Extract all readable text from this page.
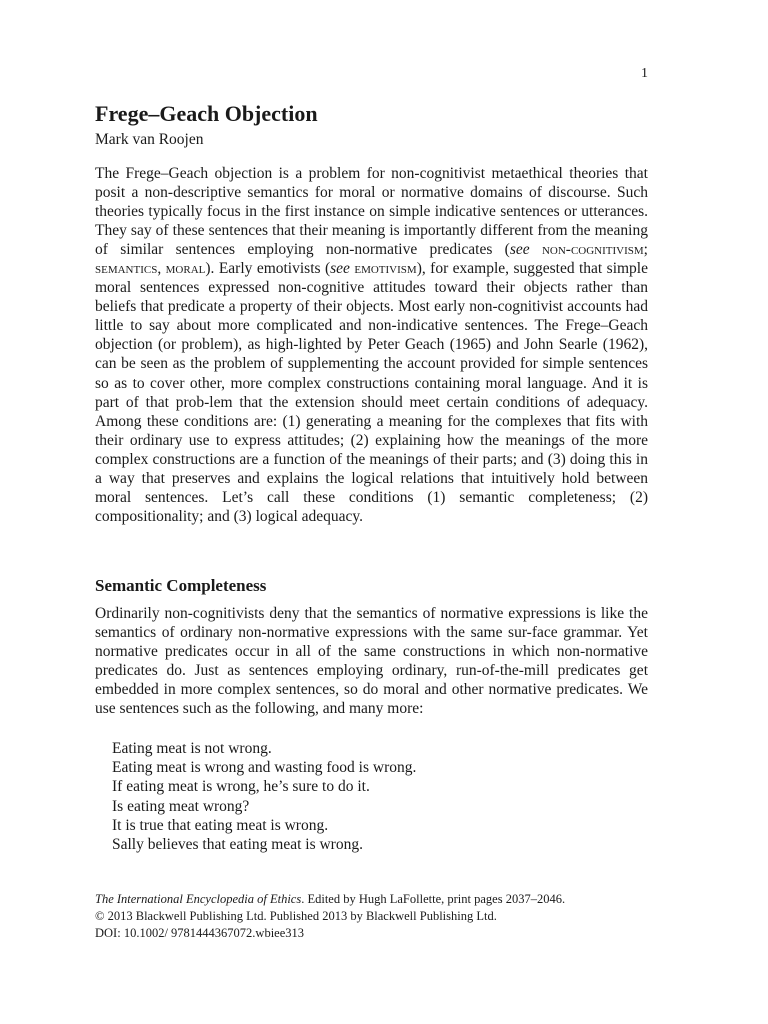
1
Frege–Geach Objection
Mark van Roojen

The Frege–Geach objection is a problem for non-cognitivist metaethical theories that posit a non-descriptive semantics for moral or normative domains of discourse. Such theories typically focus in the first instance on simple indicative sentences or utterances. They say of these sentences that their meaning is importantly different from the meaning of similar sentences employing non-normative predicates (see non-cognitivism; semantics, moral). Early emotivists (see emotivism), for example, suggested that simple moral sentences expressed non-cognitive attitudes toward their objects rather than beliefs that predicate a property of their objects. Most early non-cognitivist accounts had little to say about more complicated and non-indicative sentences. The Frege–Geach objection (or problem), as high-lighted by Peter Geach (1965) and John Searle (1962), can be seen as the problem of supplementing the account provided for simple sentences so as to cover other, more complex constructions containing moral language. And it is part of that prob-lem that the extension should meet certain conditions of adequacy. Among these conditions are: (1) generating a meaning for the complexes that fits with their ordinary use to express attitudes; (2) explaining how the meanings of the more complex constructions are a function of the meanings of their parts; and (3) doing this in a way that preserves and explains the logical relations that intuitively hold between moral sentences. Let’s call these conditions (1) semantic completeness; (2) compositionality; and (3) logical adequacy.

Semantic Completeness

Ordinarily non-cognitivists deny that the semantics of normative expressions is like the semantics of ordinary non-normative expressions with the same sur-face grammar. Yet normative predicates occur in all of the same constructions in which non-normative predicates do. Just as sentences employing ordinary, run-of-the-mill predicates get embedded in more complex sentences, so do moral and other normative predicates. We use sentences such as the following, and many more:

Eating meat is not wrong.
Eating meat is wrong and wasting food is wrong.
If eating meat is wrong, he’s sure to do it.
Is eating meat wrong?
It is true that eating meat is wrong.
Sally believes that eating meat is wrong.
The International Encyclopedia of Ethics. Edited by Hugh LaFollette, print pages 2037–2046.
© 2013 Blackwell Publishing Ltd. Published 2013 by Blackwell Publishing Ltd.
DOI: 10.1002/ 9781444367072.wbiee313
